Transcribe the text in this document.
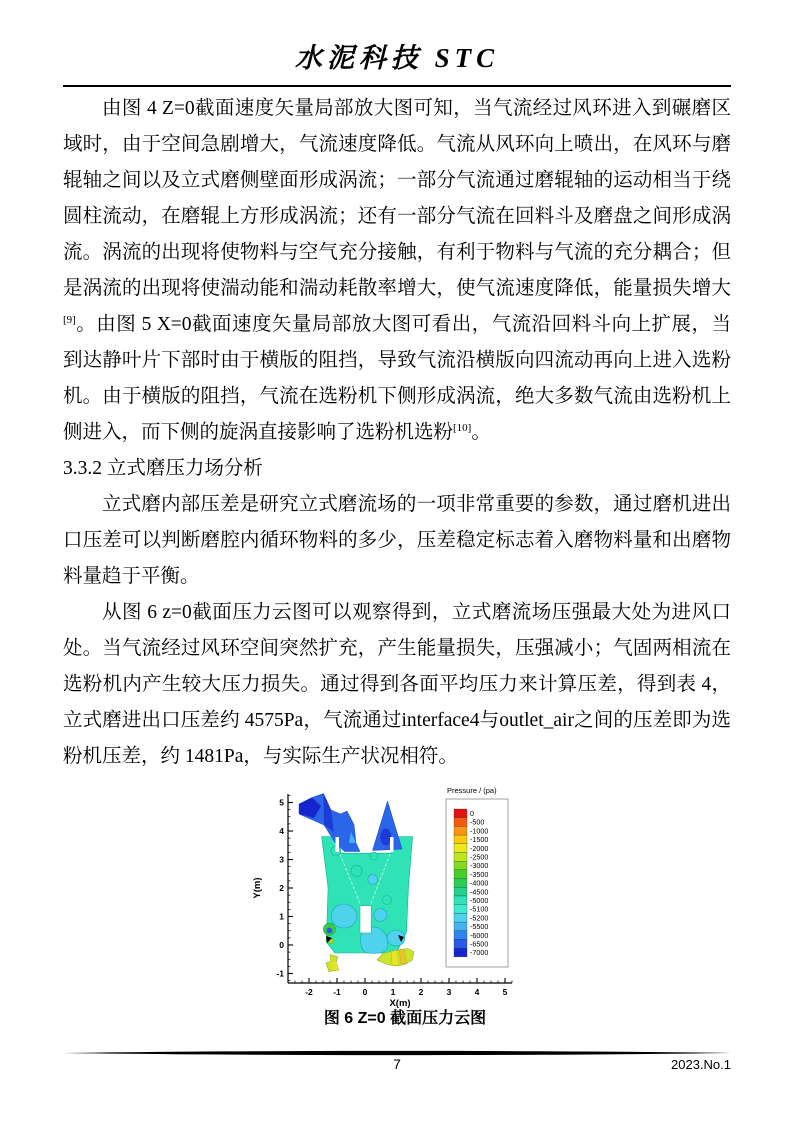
水泥科技 STC

由图 4 Z=0截面速度矢量局部放大图可知，当气流经过风环进入到碾磨区域时，由于空间急剧增大，气流速度降低。气流从风环向上喷出，在风环与磨辊轴之间以及立式磨侧壁面形成涡流；一部分气流通过磨辊轴的运动相当于绕圆柱流动，在磨辊上方形成涡流；还有一部分气流在回料斗及磨盘之间形成涡流。涡流的出现将使物料与空气充分接触，有利于物料与气流的充分耦合；但是涡流的出现将使湍动能和湍动耗散率增大，使气流速度降低，能量损失增大[9]。由图 5 X=0截面速度矢量局部放大图可看出，气流沿回料斗向上扩展，当到达静叶片下部时由于横版的阻挡，导致气流沿横版向四流动再向上进入选粉机。由于横版的阻挡，气流在选粉机下侧形成涡流，绝大多数气流由选粉机上侧进入，而下侧的旋涡直接影响了选粉机选粉[10]。

3.3.2 立式磨压力场分析

立式磨内部压差是研究立式磨流场的一项非常重要的参数，通过磨机进出口压差可以判断磨腔内循环物料的多少，压差稳定标志着入磨物料量和出磨物料量趋于平衡。

从图 6 z=0截面压力云图可以观察得到，立式磨流场压强最大处为进风口处。当气流经过风环空间突然扩充，产生能量损失，压强减小；气固两相流在选粉机内产生较大压力损失。通过得到各面平均压力来计算压差，得到表 4，立式磨进出口压差约 4575Pa，气流通过interface4与outlet_air之间的压差即为选粉机压差，约 1481Pa，与实际生产状况相符。

-2 -1	0	1	2	3	4	5
-1
0
1
2
3
4
5
X(m)
Y(m)
Pressure / (pa)
0
-500
-1000
-1500
-2000
-2500
-3000
-3500
-4000
-4500
-5000
-5100
-5200
-5500
-6000
-6500
-7000
图 6 Z=0 截面压力云图
7	2023.No.1
